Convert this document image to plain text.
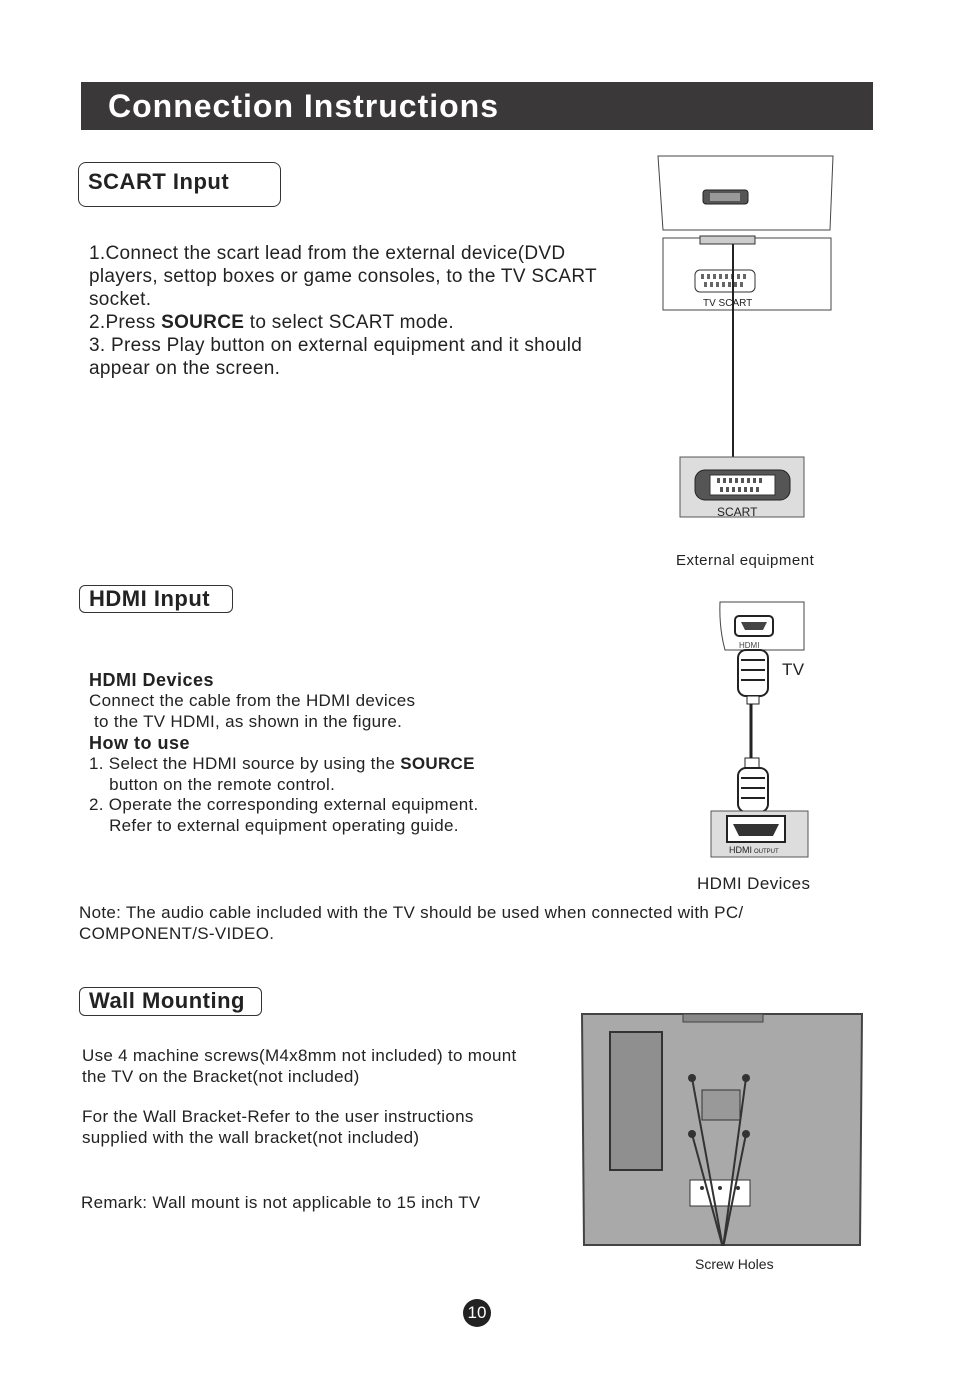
Connection Instructions
SCART Input
1.Connect the scart lead from the external device(DVD
players, settop boxes or game consoles, to the TV SCART
socket.
2.Press SOURCE to select SCART mode.
3. Press Play button on external equipment and it should
appear on the screen.
TV SCART
SCART
External equipment
HDMI Input
HDMI Devices
Connect the cable from the HDMI devices
to the TV HDMI, as shown in the figure.
How to use
1. Select the HDMI source by using the SOURCE
button on the remote control.
2. Operate the corresponding external equipment.
Refer to external equipment operating guide.
HDMI
HDMI OUTPUT
TV
HDMI Devices
Note: The audio cable included with the TV should be used when connected with PC/
COMPONENT/S-VIDEO.
Wall Mounting
Use 4 machine screws(M4x8mm not included) to mount
the TV on the Bracket(not included)
For the Wall Bracket-Refer to the user instructions
supplied with the wall bracket(not included)
Remark: Wall mount is not applicable to 15 inch TV
Screw Holes
10
